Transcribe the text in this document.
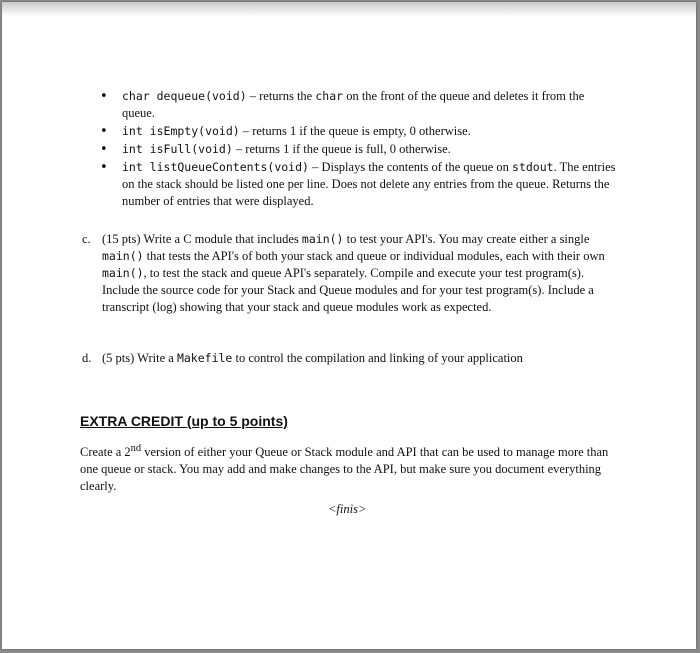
• char dequeue(void) – returns the char on the front of the queue and deletes it from the queue.
• int isEmpty(void) – returns 1 if the queue is empty, 0 otherwise.
• int isFull(void) – returns 1 if the queue is full, 0 otherwise.
• int listQueueContents(void) – Displays the contents of the queue on stdout. The entries on the stack should be listed one per line. Does not delete any entries from the queue. Returns the number of entries that were displayed.
c. (15 pts) Write a C module that includes main() to test your API's. You may create either a single main() that tests the API's of both your stack and queue or individual modules, each with their own main(), to test the stack and queue API's separately. Compile and execute your test program(s). Include the source code for your Stack and Queue modules and for your test program(s). Include a transcript (log) showing that your stack and queue modules work as expected.
d. (5 pts) Write a Makefile to control the compilation and linking of your application
EXTRA CREDIT (up to 5 points)
Create a 2nd version of either your Queue or Stack module and API that can be used to manage more than one queue or stack. You may add and make changes to the API, but make sure you document everything clearly.
<finis>
